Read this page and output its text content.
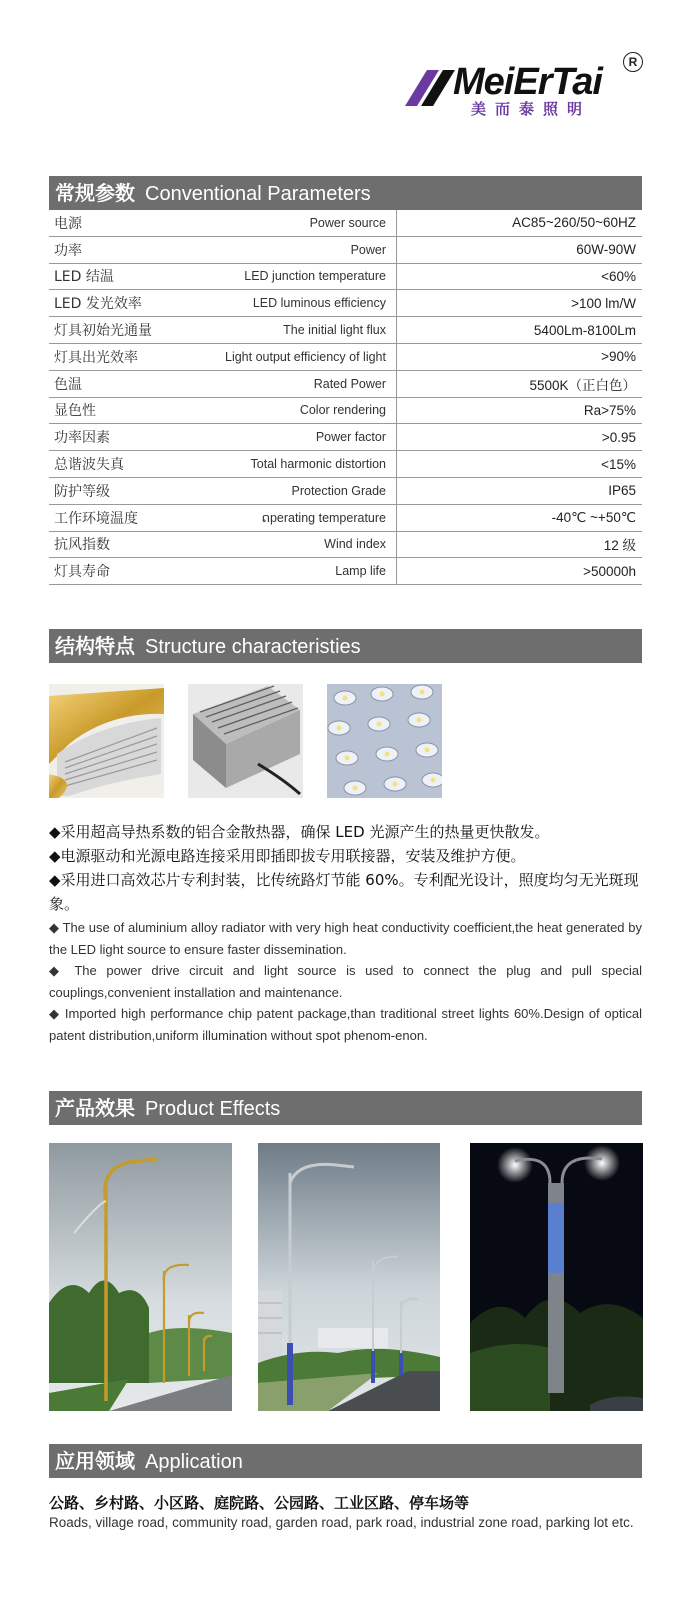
MeiErTai
美而泰照明
R
常规参数 Conventional Parameters
电源	Power source	AC85~260/50~60HZ
功率	Power	60W-90W
LED 结温	LED junction temperature	<60%
LED 发光效率	LED luminous efficiency	>100 lm/W
灯具初始光通量	The initial light flux	5400Lm-8100Lm
灯具出光效率	Light output efficiency of light	>90%
色温	Rated Power	5500K（正白色）
显色性	Color rendering	Ra>75%
功率因素	Power factor	>0.95
总谐波失真	Total harmonic distortion	<15%
防护等级	Protection Grade	IP65
工作环境温度	ດperating temperature	-40℃ ~+50℃
抗风指数	Wind index	12 级
灯具寿命	Lamp life	>50000h
结构特点 Structure characteristies

◆采用超高导热系数的铝合金散热器，确保 LED 光源产生的热量更快散发。

◆电源驱动和光源电路连接采用即插即拔专用联接器，安装及维护方便。

◆采用进口高效芯片专利封装，比传统路灯节能 60%。专利配光设计，照度均匀无光斑现象。

◆ The use of aluminium alloy radiator with very high heat conductivity coefficient,the heat generated by the LED light source to ensure faster dissemination.

◆ The power drive circuit and light source is used to connect the plug and pull special couplings,convenient installation and maintenance.

◆ Imported high performance chip patent package,than traditional street lights 60%.Design of optical patent distribution,uniform illumination without spot phenom-enon.

产品效果 Product Effects
应用领域 Application
公路、乡村路、小区路、庭院路、公园路、工业区路、停车场等
Roads, village road, community road, garden road, park road, industrial zone road, parking lot etc.
